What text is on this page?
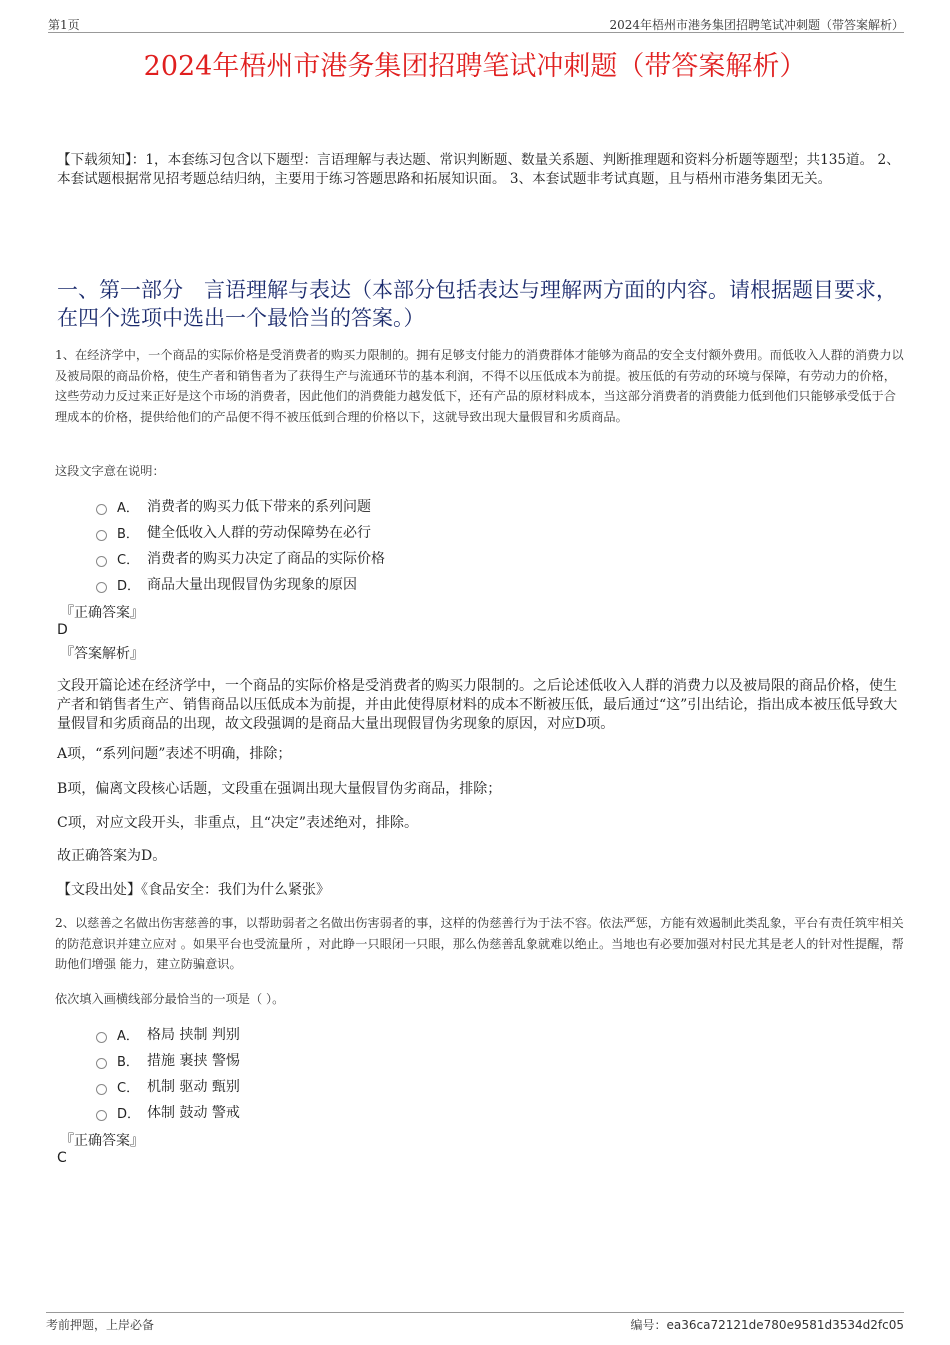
第1页	2024年梧州市港务集团招聘笔试冲刺题（带答案解析）
2024年梧州市港务集团招聘笔试冲刺题（带答案解析）
【下载须知】：1，本套练习包含以下题型：言语理解与表达题、常识判断题、数量关系题、判断推理题和资料分析题等题型；共135道。 2、本套试题根据常见招考题总结归纳，主要用于练习答题思路和拓展知识面。 3、本套试题非考试真题，且与梧州市港务集团无关。
一、第一部分　言语理解与表达（本部分包括表达与理解两方面的内容。请根据题目要求，在四个选项中选出一个最恰当的答案。）
1、在经济学中，一个商品的实际价格是受消费者的购买力限制的。拥有足够支付能力的消费群体才能够为商品的安全支付额外费用。而低收入人群的消费力以及被局限的商品价格，使生产者和销售者为了获得生产与流通环节的基本利润，不得不以压低成本为前提。被压低的有劳动的环境与保障，有劳动力的价格，这些劳动力反过来正好是这个市场的消费者，因此他们的消费能力越发低下，还有产品的原材料成本，当这部分消费者的消费能力低到他们只能够承受低于合理成本的价格，提供给他们的产品便不得不被压低到合理的价格以下，这就导致出现大量假冒和劣质商品。
这段文字意在说明：
A． 消费者的购买力低下带来的系列问题
B． 健全低收入人群的劳动保障势在必行
C． 消费者的购买力决定了商品的实际价格
D． 商品大量出现假冒伪劣现象的原因
『正确答案』
D
『答案解析』
文段开篇论述在经济学中，一个商品的实际价格是受消费者的购买力限制的。之后论述低收入人群的消费力以及被局限的商品价格，使生产者和销售者生产、销售商品以压低成本为前提，并由此使得原材料的成本不断被压低，最后通过“这”引出结论，指出成本被压低导致大量假冒和劣质商品的出现，故文段强调的是商品大量出现假冒伪劣现象的原因，对应D项。
A项，“系列问题”表述不明确，排除；
B项，偏离文段核心话题，文段重在强调出现大量假冒伪劣商品，排除；
C项，对应文段开头，非重点，且“决定”表述绝对，排除。
故正确答案为D。
【文段出处】《食品安全：我们为什么紧张》
2、以慈善之名做出伤害慈善的事，以帮助弱者之名做出伤害弱者的事，这样的伪慈善行为于法不容。依法严惩，方能有效遏制此类乱象，平台有责任筑牢相关的防范意识并建立应对 。如果平台也受流量所 ，对此睁一只眼闭一只眼，那么伪慈善乱象就难以绝止。当地也有必要加强对村民尤其是老人的针对性提醒，帮助他们增强 能力，建立防骗意识。
依次填入画横线部分最恰当的一项是（ ）。
A． 格局 挟制 判别
B． 措施 裹挟 警惕
C． 机制 驱动 甄别
D． 体制 鼓动 警戒
『正确答案』
C
考前押题，上岸必备	编号：ea36ca72121de780e9581d3534d2fc05
